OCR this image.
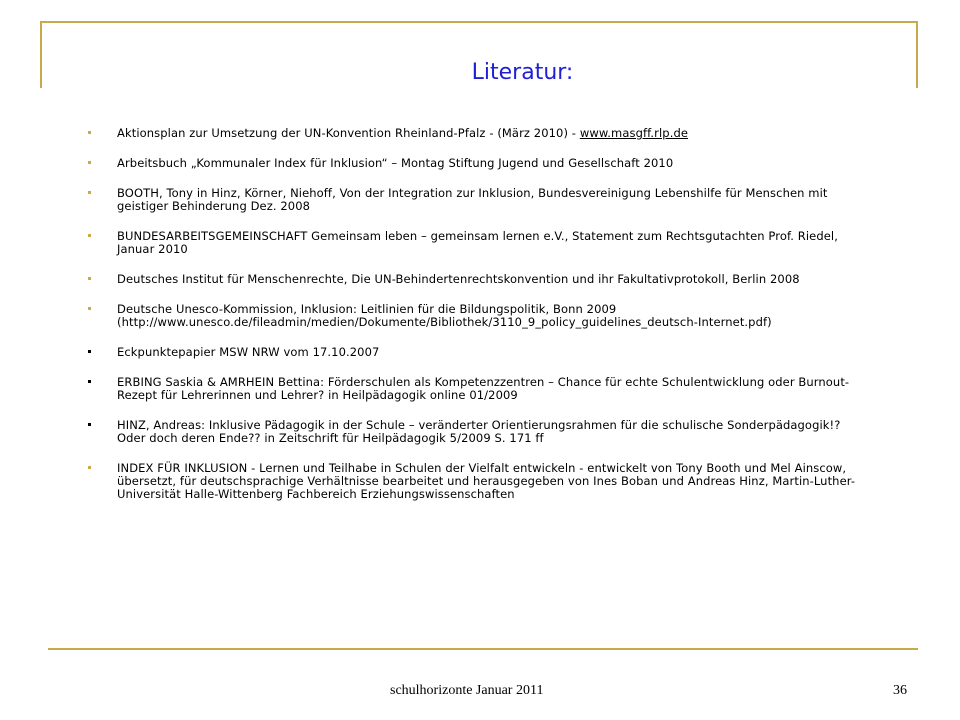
Literatur:
Aktionsplan zur Umsetzung der UN-Konvention Rheinland-Pfalz - (März 2010) - www.masgff.rlp.de
Arbeitsbuch „Kommunaler Index für Inklusion“ – Montag Stiftung Jugend und Gesellschaft 2010
BOOTH, Tony in Hinz, Körner, Niehoff, Von der Integration zur Inklusion, Bundesvereinigung Lebenshilfe für Menschen mit geistiger Behinderung Dez. 2008
BUNDESARBEITSGEMEINSCHAFT Gemeinsam leben – gemeinsam lernen e.V., Statement zum Rechtsgutachten Prof. Riedel, Januar 2010
Deutsches Institut für Menschenrechte, Die UN-Behindertenrechtskonvention und ihr Fakultativprotokoll, Berlin 2008
Deutsche Unesco-Kommission, Inklusion: Leitlinien für die Bildungspolitik, Bonn 2009 (http://www.unesco.de/fileadmin/medien/Dokumente/Bibliothek/3110_9_policy_guidelines_deutsch-Internet.pdf)
Eckpunktepapier MSW NRW vom 17.10.2007
ERBING Saskia & AMRHEIN Bettina: Förderschulen als Kompetenzzentren – Chance für echte Schulentwicklung oder Burnout-Rezept für Lehrerinnen und Lehrer? in Heilpädagogik online 01/2009
HINZ, Andreas: Inklusive Pädagogik in der Schule – veränderter Orientierungsrahmen für die schulische Sonderpädagogik!? Oder doch deren Ende?? in Zeitschrift für Heilpädagogik 5/2009 S. 171 ff
INDEX FÜR INKLUSION - Lernen und Teilhabe in Schulen der Vielfalt entwickeln - entwickelt von Tony Booth und Mel Ainscow, übersetzt, für deutschsprachige Verhältnisse bearbeitet und herausgegeben von Ines Boban und Andreas Hinz, Martin-Luther-Universität Halle-Wittenberg Fachbereich Erziehungswissenschaften
schulhorizonte Januar 2011	36
